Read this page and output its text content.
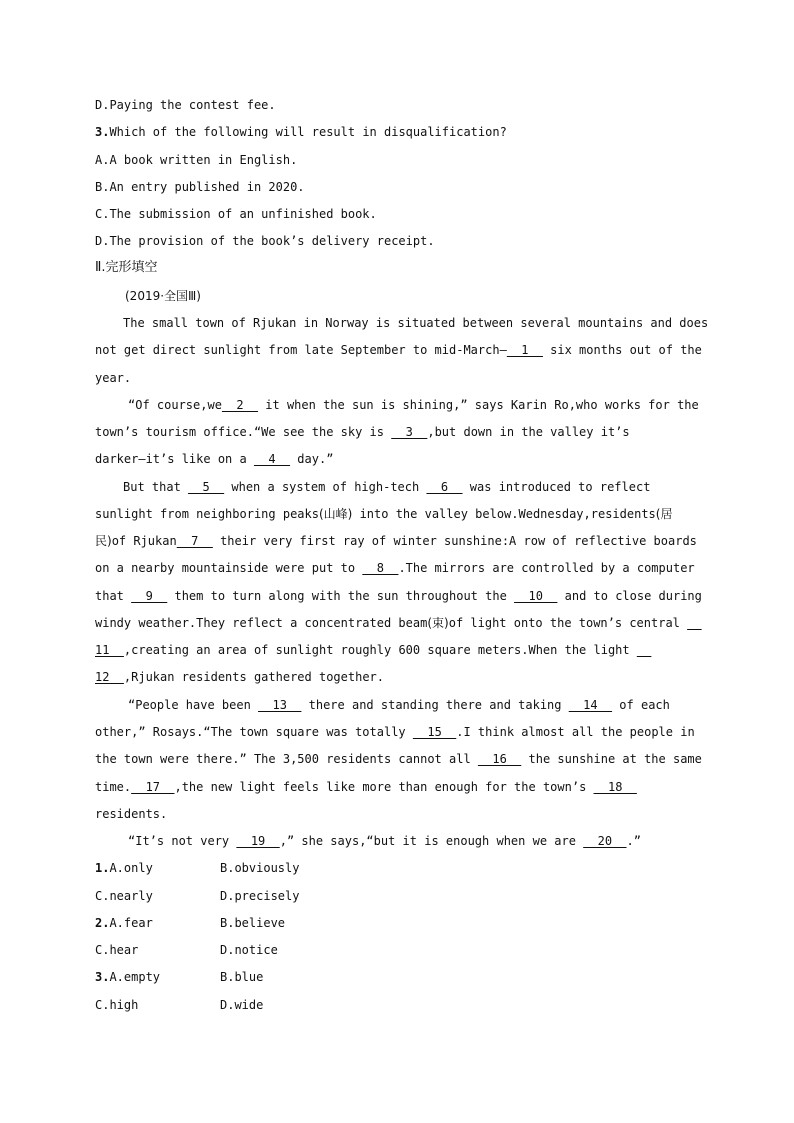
D.Paying the contest fee.

3.Which of the following will result in disqualification?

A.A book written in English.

B.An entry published in 2020.

C.The submission of an unfinished book.

D.The provision of the book’s delivery receipt.

Ⅱ.完形填空

(2019·全国Ⅲ)

The small town of Rjukan in Norway is situated between several mountains and does

not get direct sunlight from late September to mid-March—  1   six months out of the

year.

“Of course,we  2   it when the sun is shining,” says Karin Ro,who works for the

town’s tourism office.“We see the sky is   3  ,but down in the valley it’s

darker—it’s like on a   4   day.”

But that   5   when a system of high-tech   6   was introduced to reflect

sunlight from neighboring peaks(山峰) into the valley below.Wednesday,residents(居

民)of Rjukan  7   their very first ray of winter sunshine:A row of reflective boards

on a nearby mountainside were put to   8  .The mirrors are controlled by a computer

that   9   them to turn along with the sun throughout the   10   and to close during

windy weather.They reflect a concentrated beam(束)of light onto the town’s central __

11  ,creating an area of sunlight roughly 600 square meters.When the light __

12  ,Rjukan residents gathered together.

“People have been   13   there and standing there and taking   14   of each

other,” Rosays.“The town square was totally   15  .I think almost all the people in

the town were there.” The 3,500 residents cannot all   16   the sunshine at the same

time.  17  ,the new light feels like more than enough for the town’s   18

residents.

“It’s not very   19  ,” she says,“but it is enough when we are   20  .”

1.A.only	B.obviously
C.nearly	D.precisely
2.A.fear	B.believe
C.hear	D.notice
3.A.empty	B.blue
C.high	D.wide
